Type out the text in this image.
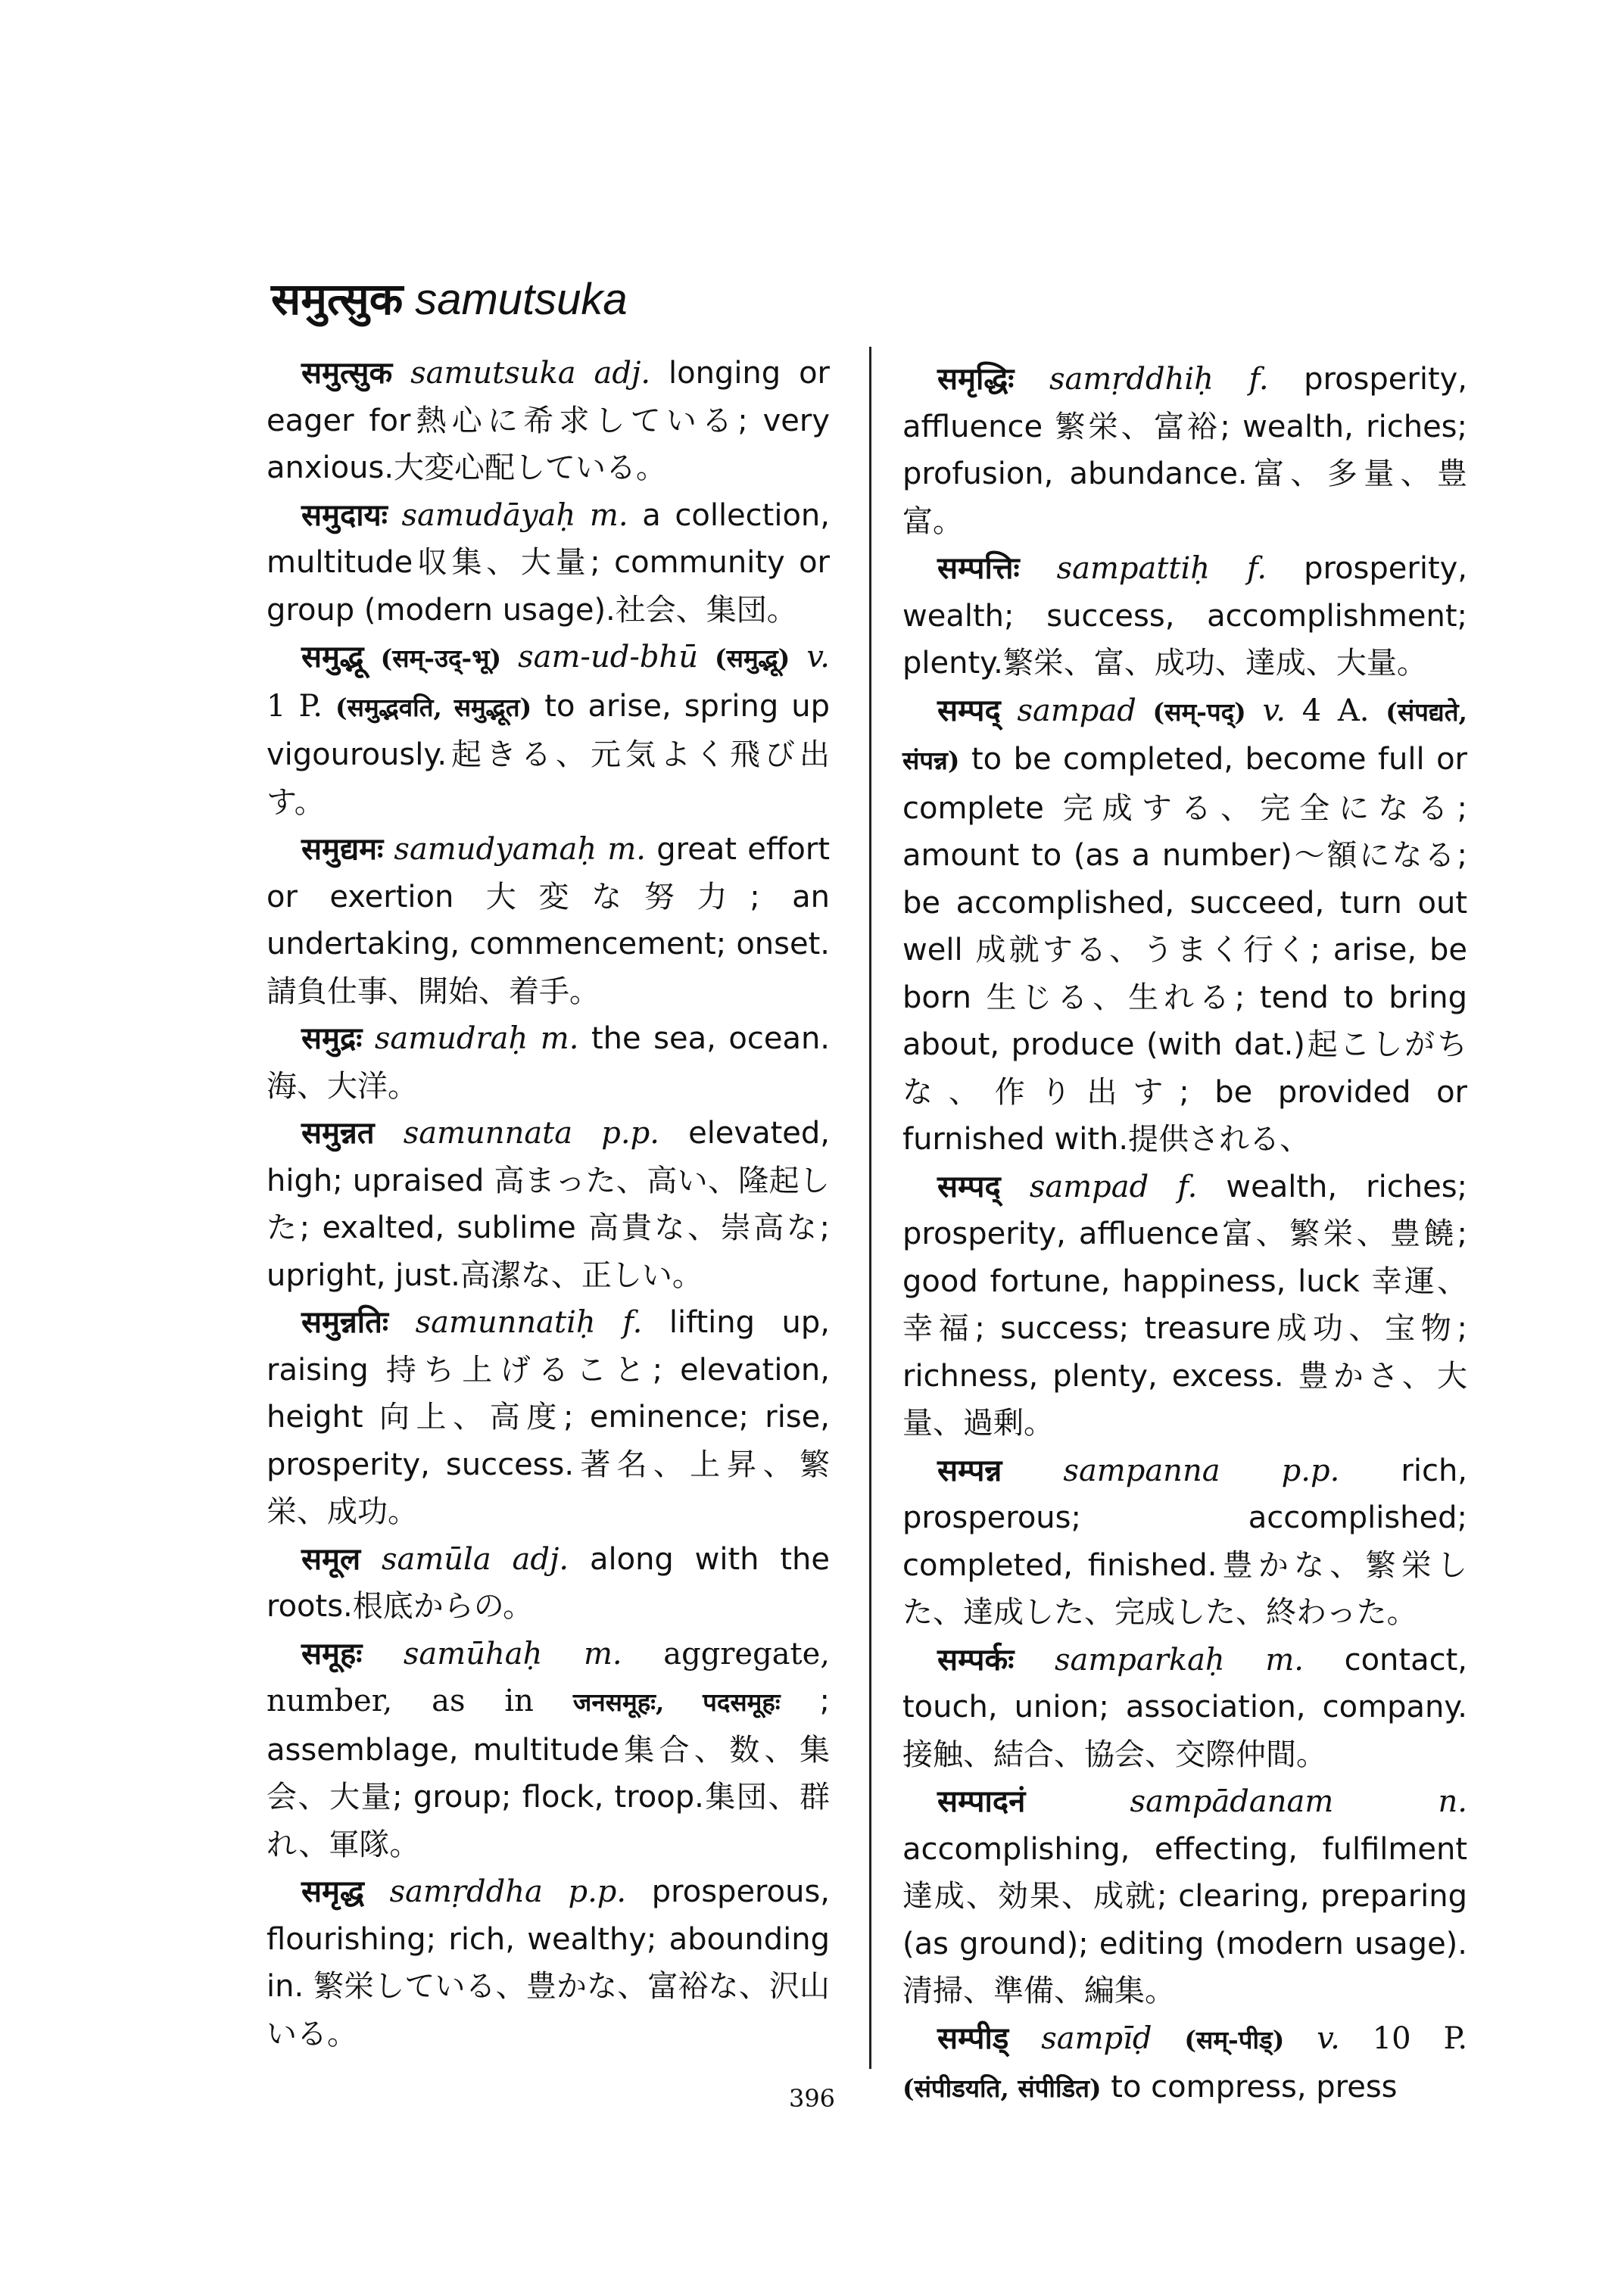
समुत्सुक samutsuka

समुत्सुक samutsuka adj. longing or eager for熱心に希求している; very anxious.大変心配している。

समुदायः samudāyaḥ m. a collection, multitude収集、大量; community or group (modern usage).社会、集団。

समुद्भू (सम्-उद्-भू) sam-ud-bhū (समुद्भू) v. 1 P. (समुद्भवति, समुद्भूत) to arise, spring up vigourously.起きる、元気よく飛び出す。

समुद्यमः samudyamaḥ m. great effort or exertion 大変な努力; an undertaking, commencement; onset.請負仕事、開始、着手。

समुद्रः samudraḥ m. the sea, ocean.海、大洋。

समुन्नत samunnata p.p. elevated, high; upraised 高まった、高い、隆起した; exalted, sublime 高貴な、崇高な; upright, just.高潔な、正しい。

समुन्नतिः samunnatiḥ f. lifting up, raising 持ち上げること; elevation, height 向上、高度; eminence; rise, prosperity, success.著名、上昇、繁栄、成功。

समूल samūla adj. along with the roots.根底からの。

समूहः samūhaḥ m. aggregate, number, as in जनसमूहः, पदसमूहः ; assemblage, multitude集合、数、集会、大量; group; flock, troop.集団、群れ、軍隊。

समृद्ध samṛddha p.p. prosperous, flourishing; rich, wealthy; abounding in. 繁栄している、豊かな、富裕な、沢山いる。

समृद्धिः samṛddhiḥ f. prosperity, affluence 繁栄、富裕; wealth, riches; profusion, abundance.富、多量、豊富。

सम्पत्तिः sampattiḥ f. prosperity, wealth; success, accomplishment; plenty.繁栄、富、成功、達成、大量。

सम्पद् sampad (सम्-पद्) v. 4 A. (संपद्यते, संपन्न) to be completed, become full or complete 完成する、完全になる; amount to (as a number)〜額になる; be accomplished, succeed, turn out well 成就する、うまく行く; arise, be born 生じる、生れる; tend to bring about, produce (with dat.)起こしがちな、作り出す; be provided or furnished with.提供される、

सम्पद् sampad f. wealth, riches; prosperity, affluence富、繁栄、豊饒; good fortune, happiness, luck 幸運、幸福; success; treasure成功、宝物; richness, plenty, excess. 豊かさ、大量、過剰。

सम्पन्न sampanna p.p. rich, prosperous; accomplished; completed, finished.豊かな、繁栄した、達成した、完成した、終わった。

सम्पर्कः samparkaḥ m. contact, touch, union; association, company.接触、結合、協会、交際仲間。

सम्पादनं	sampādanam	n. accomplishing, effecting, fulfilment達成、効果、成就; clearing, preparing (as ground); editing (modern usage).清掃、準備、編集。

सम्पीड् sampīḍ (सम्-पीड्) v. 10 P. (संपीडयति, संपीडित) to compress, press

396
